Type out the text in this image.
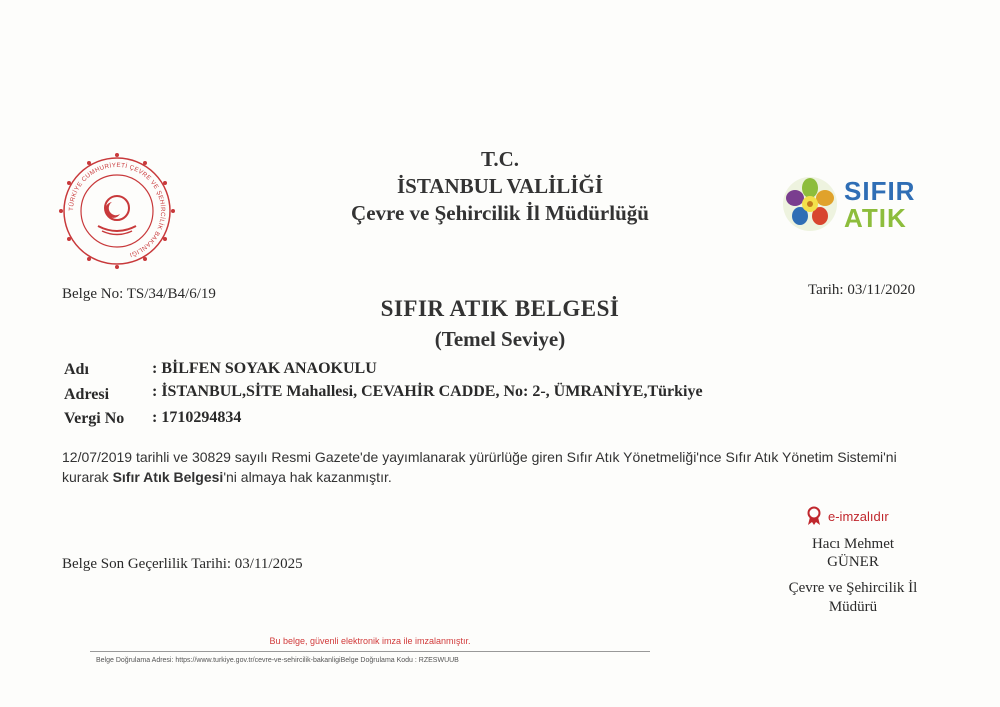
T.C.
İSTANBUL VALİLİĞİ
Çevre ve Şehircilik İl Müdürlüğü
TÜRKİYE CUMHURİYETİ ÇEVRE VE ŞEHİRCİLİK BAKANLIĞI
SIFIR
ATIK
Belge No: TS/34/B4/6/19	Tarih: 03/11/2020
SIFIR ATIK BELGESİ
(Temel Seviye)
Adı	: BİLFEN SOYAK ANAOKULU
Adresi	: İSTANBUL,SİTE Mahallesi, CEVAHİR CADDE, No: 2-, ÜMRANİYE,Türkiye
Vergi No : 1710294834
12/07/2019 tarihli ve 30829 sayılı Resmi Gazete'de yayımlanarak yürürlüğe giren Sıfır Atık Yönetmeliği'nce Sıfır Atık Yönetim Sistemi'ni kurarak Sıfır Atık Belgesi'ni almaya hak kazanmıştır.
e-imzalıdır
Hacı Mehmet
GÜNER
Çevre ve Şehircilik İl
Müdürü
Belge Son Geçerlilik Tarihi: 03/11/2025
Bu belge, güvenli elektronik imza ile imzalanmıştır.
Belge Doğrulama Adresi: https://www.turkiye.gov.tr/cevre-ve-sehircilik-bakanligiBelge Doğrulama Kodu : RZESWUUB
